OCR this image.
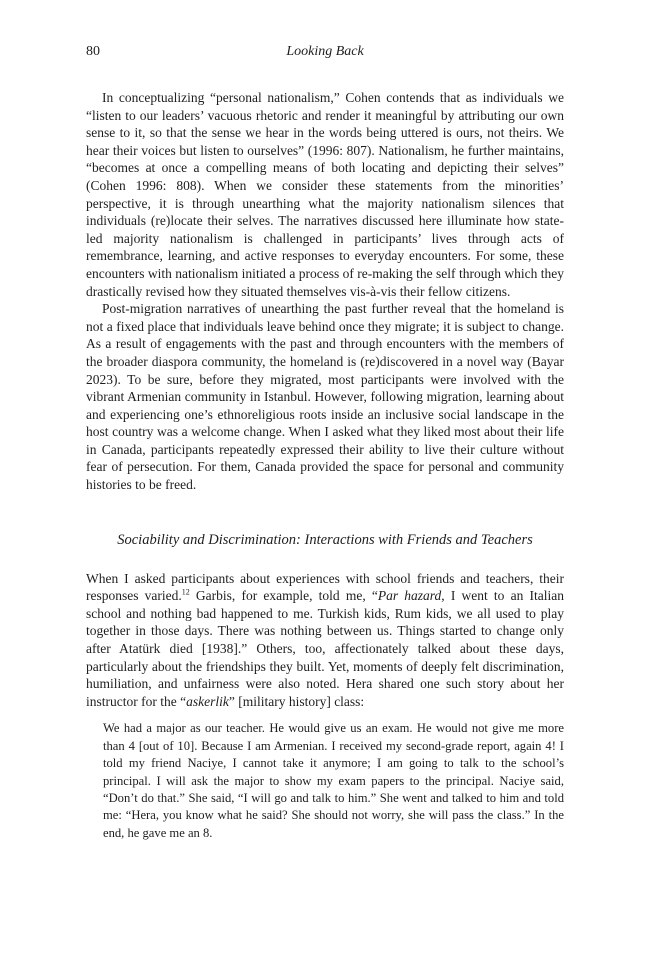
80	Looking Back

In conceptualizing “personal nationalism,” Cohen contends that as individuals we “listen to our leaders’ vacuous rhetoric and render it meaningful by attributing our own sense to it, so that the sense we hear in the words being uttered is ours, not theirs. We hear their voices but listen to ourselves” (1996: 807). Nationalism, he further maintains, “becomes at once a compelling means of both locating and depicting their selves” (Cohen 1996: 808). When we consider these statements from the minorities’ perspective, it is through unearthing what the majority nationalism silences that individuals (re)locate their selves. The narratives discussed here illuminate how state-led majority nationalism is challenged in participants’ lives through acts of remembrance, learning, and active responses to everyday encounters. For some, these encounters with nationalism initiated a process of re-making the self through which they drastically revised how they situated themselves vis-à-vis their fellow citizens.

Post-migration narratives of unearthing the past further reveal that the homeland is not a fixed place that individuals leave behind once they migrate; it is subject to change. As a result of engagements with the past and through encounters with the members of the broader diaspora community, the homeland is (re)discovered in a novel way (Bayar 2023). To be sure, before they migrated, most participants were involved with the vibrant Armenian community in Istanbul. However, following migration, learning about and experiencing one’s ethnoreligious roots inside an inclusive social landscape in the host country was a welcome change. When I asked what they liked most about their life in Canada, participants repeatedly expressed their ability to live their culture without fear of persecution. For them, Canada provided the space for personal and community histories to be freed.

Sociability and Discrimination: Interactions with Friends and Teachers

When I asked participants about experiences with school friends and teachers, their responses varied.$^{12}$ Garbis, for example, told me, “Par hazard, I went to an Italian school and nothing bad happened to me. Turkish kids, Rum kids, we all used to play together in those days. There was nothing between us. Things started to change only after Atatürk died [1938].” Others, too, affectionately talked about these days, particularly about the friendships they built. Yet, moments of deeply felt discrimination, humiliation, and unfairness were also noted. Hera shared one such story about her instructor for the “askerlik” [military history] class:

We had a major as our teacher. He would give us an exam. He would not give me more than 4 [out of 10]. Because I am Armenian. I received my second-grade report, again 4! I told my friend Naciye, I cannot take it anymore; I am going to talk to the school’s principal. I will ask the major to show my exam papers to the principal. Naciye said, “Don’t do that.” She said, “I will go and talk to him.” She went and talked to him and told me: “Hera, you know what he said? She should not worry, she will pass the class.” In the end, he gave me an 8.
